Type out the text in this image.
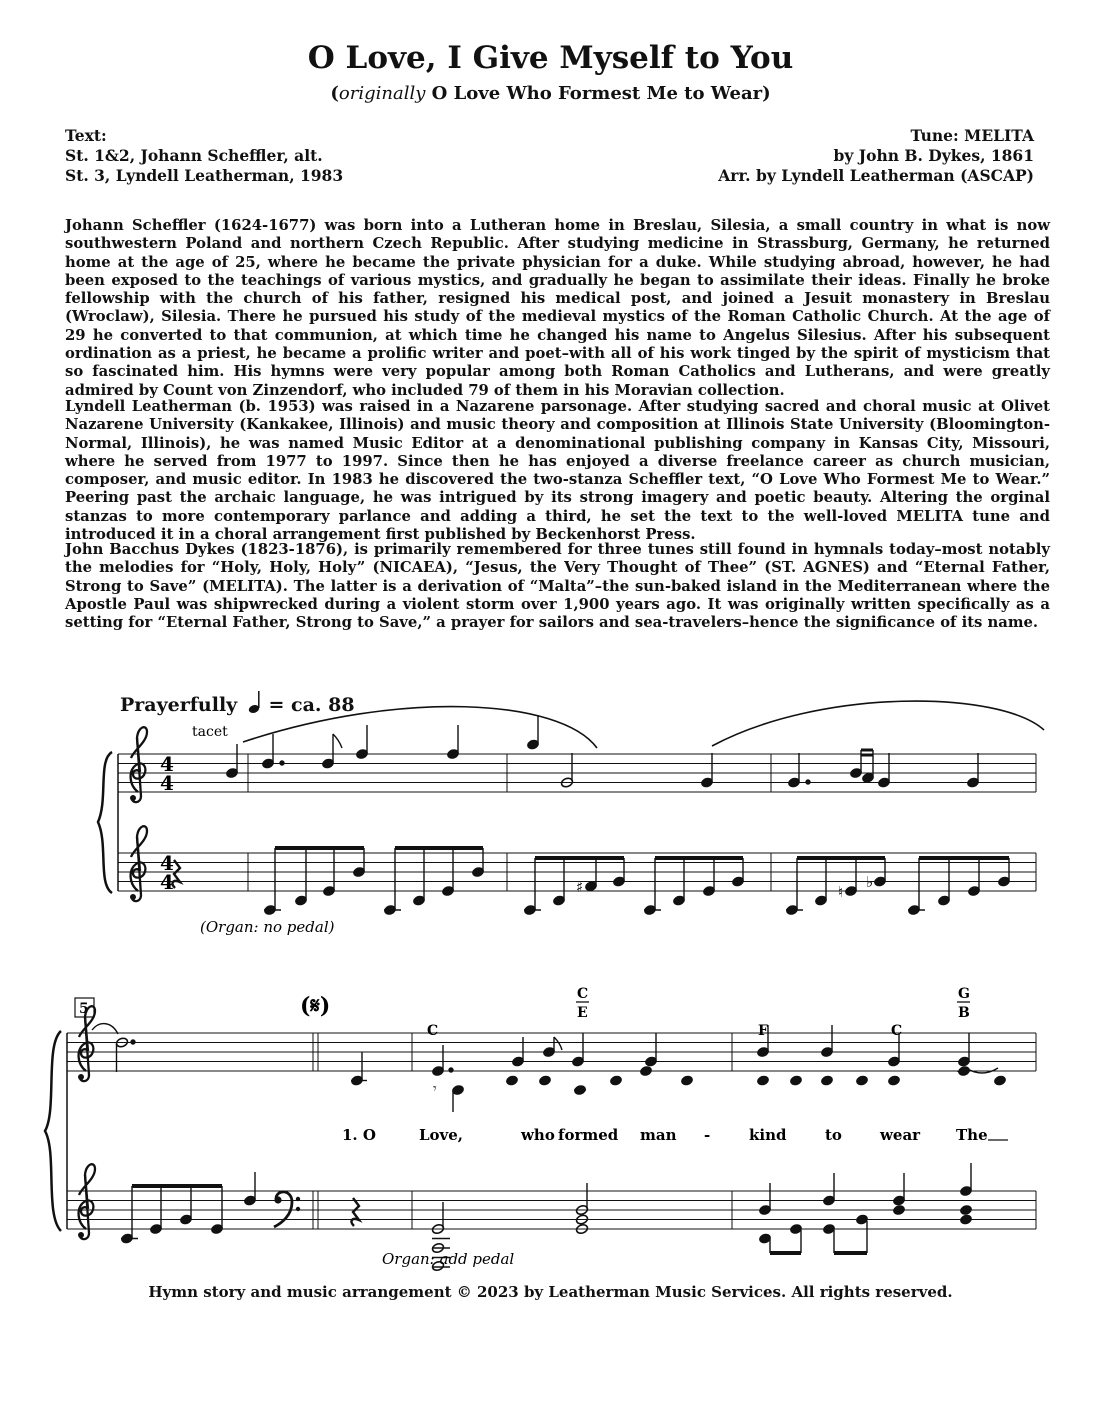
O Love, I Give Myself to You
(originally O Love Who Formest Me to Wear)
Text:
St. 1&2, Johann Scheffler, alt.
St. 3, Lyndell Leatherman, 1983
Tune: MELITA
by John B. Dykes, 1861
Arr. by Lyndell Leatherman (ASCAP)
Johann Scheffler (1624-1677) was born into a Lutheran home in Breslau, Silesia, a small country in what is now southwestern Poland and northern Czech Republic. After studying medicine in Strassburg, Germany, he returned home at the age of 25, where he became the private physician for a duke. While studying abroad, however, he had been exposed to the teachings of various mystics, and gradually he began to assimilate their ideas. Finally he broke fellowship with the church of his father, resigned his medical post, and joined a Jesuit monastery in Breslau (Wroclaw), Silesia. There he pursued his study of the medieval mystics of the Roman Catholic Church. At the age of 29 he converted to that communion, at which time he changed his name to Angelus Silesius. After his subsequent ordination as a priest, he became a prolific writer and poet–with all of his work tinged by the spirit of mysticism that so fascinated him. His hymns were very popular among both Roman Catholics and Lutherans, and were greatly admired by Count von Zinzendorf, who included 79 of them in his Moravian collection.
Lyndell Leatherman (b. 1953) was raised in a Nazarene parsonage. After studying sacred and choral music at Olivet Nazarene University (Kankakee, Illinois) and music theory and composition at Illinois State University (Bloomington-Normal, Illinois), he was named Music Editor at a denominational publishing company in Kansas City, Missouri, where he served from 1977 to 1997. Since then he has enjoyed a diverse freelance career as church musician, composer, and music editor. In 1983 he discovered the two-stanza Scheffler text, “O Love Who Formest Me to Wear.” Peering past the archaic language, he was intrigued by its strong imagery and poetic beauty. Altering the orginal stanzas to more contemporary parlance and adding a third, he set the text to the well-loved MELITA tune and introduced it in a choral arrangement first published by Beckenhorst Press.
John Bacchus Dykes (1823-1876), is primarily remembered for three tunes still found in hymnals today–most notably the melodies for “Holy, Holy, Holy” (NICAEA), “Jesus, the Very Thought of Thee” (ST. AGNES) and “Eternal Father, Strong to Save” (MELITA). The latter is a derivation of “Malta”–the sun-baked island in the Mediterranean where the Apostle Paul was shipwrecked during a violent storm over 1,900 years ago. It was originally written specifically as a setting for “Eternal Father, Strong to Save,” a prayer for sailors and sea-travelers–hence the significance of its name.
Prayerfully = ca. 88
4
4
4
4
tacet
♯	♮
♭
(Organ: no pedal)
5	(𝄋)
C
C
E
F	C
G
B
𝄾
1. O	Love,	who formed man -	kind	to	wear The
Organ: add pedal
Hymn story and music arrangement © 2023 by Leatherman Music Services. All rights reserved.
